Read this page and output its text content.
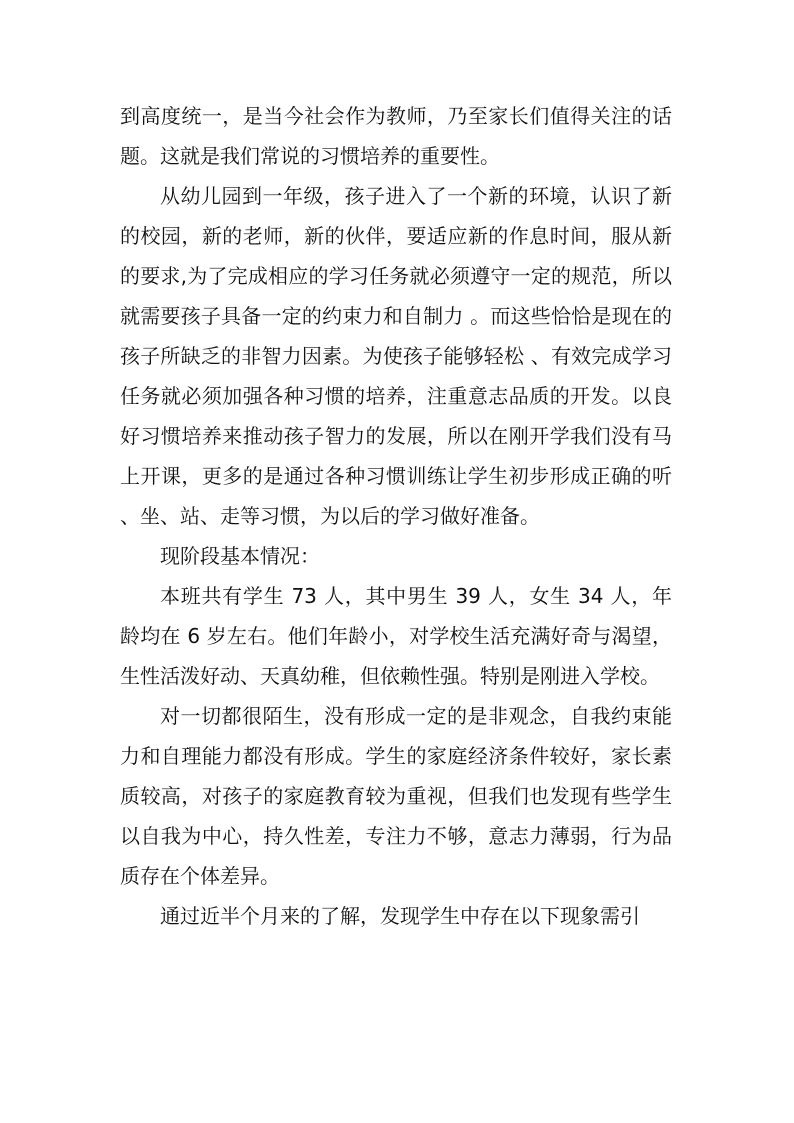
到高度统一，是当今社会作为教师，乃至家长们值得关注的话题。这就是我们常说的习惯培养的重要性。

从幼儿园到一年级，孩子进入了一个新的环境，认识了新的校园，新的老师，新的伙伴，要适应新的作息时间，服从新的要求,为了完成相应的学习任务就必须遵守一定的规范，所以就需要孩子具备一定的约束力和自制力 。而这些恰恰是现在的孩子所缺乏的非智力因素。为使孩子能够轻松 、有效完成学习任务就必须加强各种习惯的培养，注重意志品质的开发。以良好习惯培养来推动孩子智力的发展，所以在刚开学我们没有马上开课，更多的是通过各种习惯训练让学生初步形成正确的听 、坐、站、走等习惯，为以后的学习做好准备。

现阶段基本情况：

本班共有学生 73 人，其中男生 39 人，女生 34 人，年龄均在 6 岁左右。他们年龄小，对学校生活充满好奇与渴望，生性活泼好动、天真幼稚，但依赖性强。特别是刚进入学校。

对一切都很陌生，没有形成一定的是非观念，自我约束能力和自理能力都没有形成。学生的家庭经济条件较好，家长素质较高，对孩子的家庭教育较为重视，但我们也发现有些学生以自我为中心，持久性差，专注力不够，意志力薄弱，行为品质存在个体差异。

通过近半个月来的了解，发现学生中存在以下现象需引
